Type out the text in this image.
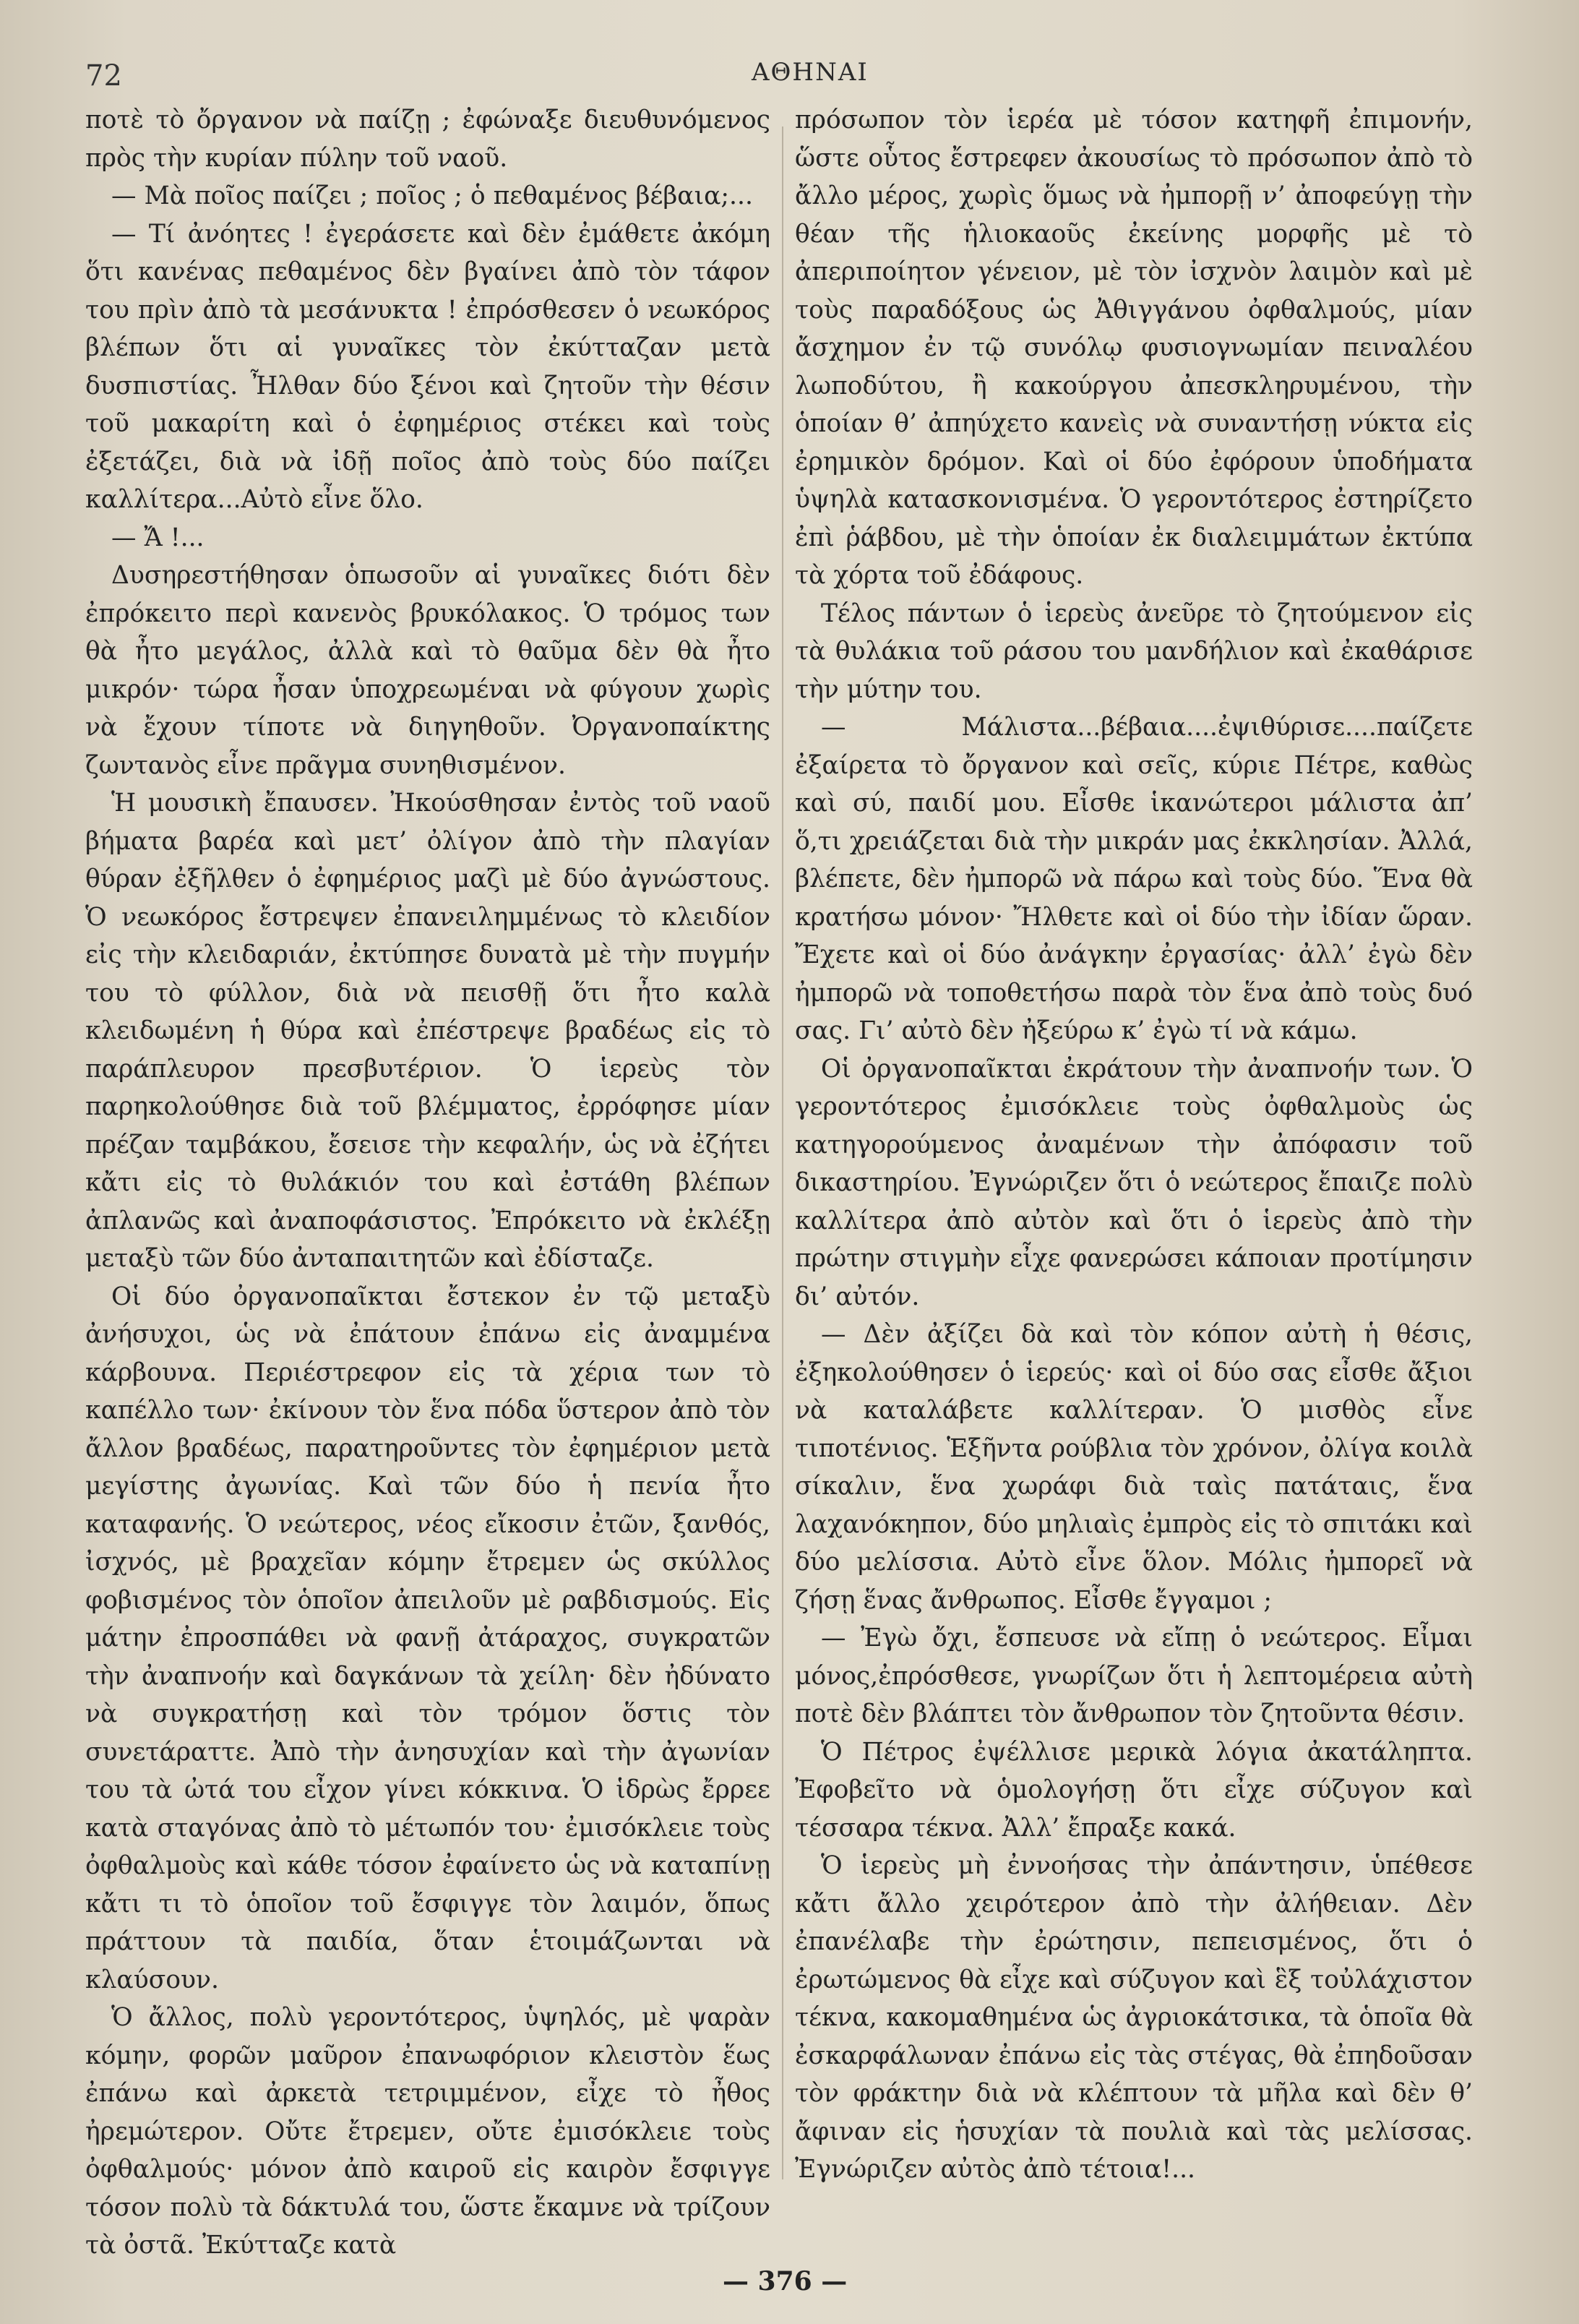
72	ΑΘΗΝΑΙ

ποτὲ τὸ ὄργανον νὰ παίζῃ ; ἐφώναξε διευθυνόμενος πρὸς τὴν κυρίαν πύλην τοῦ ναοῦ.

— Μὰ ποῖος παίζει ; ποῖος ; ὁ πεθαμένος βέβαια;...

— Τί ἀνόητες ! ἐγεράσετε καὶ δὲν ἐμάθετε ἀκόμη ὅτι κανένας πεθαμένος δὲν βγαίνει ἀπὸ τὸν τάφον του πρὶν ἀπὸ τὰ μεσάνυκτα ! ἐπρόσθεσεν ὁ νεωκόρος βλέπων ὅτι αἱ γυναῖκες τὸν ἐκύτταζαν μετὰ δυσπιστίας. Ἦλθαν δύο ξένοι καὶ ζητοῦν τὴν θέσιν τοῦ μακαρίτη καὶ ὁ ἐφημέριος στέκει καὶ τοὺς ἐξετάζει, διὰ νὰ ἰδῇ ποῖος ἀπὸ τοὺς δύο παίζει καλλίτερα...Αὐτὸ εἶνε ὅλο.

— Ἄ !...

Δυσηρεστήθησαν ὁπωσοῦν αἱ γυναῖκες διότι δὲν ἐπρόκειτο περὶ κανενὸς βρυκόλακος. Ὁ τρόμος των θὰ ἦτο μεγάλος, ἀλλὰ καὶ τὸ θαῦμα δὲν θὰ ἦτο μικρόν· τώρα ἦσαν ὑποχρεωμέναι νὰ φύγουν χωρὶς νὰ ἔχουν τίποτε νὰ διηγηθοῦν. Ὀργανοπαίκτης ζωντανὸς εἶνε πρᾶγμα συνηθισμένον.

Ἡ μουσικὴ ἔπαυσεν. Ἠκούσθησαν ἐντὸς τοῦ ναοῦ βήματα βαρέα καὶ μετ’ ὀλίγον ἀπὸ τὴν πλαγίαν θύραν ἐξῆλθεν ὁ ἐφημέριος μαζὶ μὲ δύο ἀγνώστους. Ὁ νεωκόρος ἔστρεψεν ἐπανειλημμένως τὸ κλειδίον εἰς τὴν κλειδαριάν, ἐκτύπησε δυνατὰ μὲ τὴν πυγμήν του τὸ φύλλον, διὰ νὰ πεισθῇ ὅτι ἦτο καλὰ κλειδωμένη ἡ θύρα καὶ ἐπέστρεψε βραδέως εἰς τὸ παράπλευρον πρεσβυτέριον. Ὁ ἱερεὺς τὸν παρηκολούθησε διὰ τοῦ βλέμματος, ἐρρόφησε μίαν πρέζαν ταμβάκου, ἔσεισε τὴν κεφαλήν, ὡς νὰ ἐζήτει κἄτι εἰς τὸ θυλάκιόν του καὶ ἐστάθη βλέπων ἀπλανῶς καὶ ἀναποφάσιστος. Ἐπρόκειτο νὰ ἐκλέξῃ μεταξὺ τῶν δύο ἀνταπαιτητῶν καὶ ἐδίσταζε.

Οἱ δύο ὀργανοπαῖκται ἔστεκον ἐν τῷ μεταξὺ ἀνήσυχοι, ὡς νὰ ἐπάτουν ἐπάνω εἰς ἀναμμένα κάρβουνα. Περιέστρεφον εἰς τὰ χέρια των τὸ καπέλλο των· ἐκίνουν τὸν ἕνα πόδα ὕστερον ἀπὸ τὸν ἄλλον βραδέως, παρατηροῦντες τὸν ἐφημέριον μετὰ μεγίστης ἀγωνίας. Καὶ τῶν δύο ἡ πενία ἦτο καταφανής. Ὁ νεώτερος, νέος εἴκοσιν ἐτῶν, ξανθός, ἰσχνός, μὲ βραχεῖαν κόμην ἔτρεμεν ὡς σκύλλος φοβισμένος τὸν ὁποῖον ἀπειλοῦν μὲ ραβδισμούς. Εἰς μάτην ἐπροσπάθει νὰ φανῇ ἀτάραχος, συγκρατῶν τὴν ἀναπνοήν καὶ δαγκάνων τὰ χείλη· δὲν ἠδύνατο νὰ συγκρατήσῃ καὶ τὸν τρόμον ὅστις τὸν συνετάραττε. Ἀπὸ τὴν ἀνησυχίαν καὶ τὴν ἀγωνίαν του τὰ ὠτά του εἶχον γίνει κόκκινα. Ὁ ἱδρὼς ἔρρεε κατὰ σταγόνας ἀπὸ τὸ μέτωπόν του· ἐμισόκλειε τοὺς ὀφθαλμοὺς καὶ κάθε τόσον ἐφαίνετο ὡς νὰ καταπίνῃ κἄτι τι τὸ ὁποῖον τοῦ ἔσφιγγε τὸν λαιμόν, ὅπως πράττουν τὰ παιδία, ὅταν ἑτοιμάζωνται νὰ κλαύσουν.

Ὁ ἄλλος, πολὺ γεροντότερος, ὑψηλός, μὲ ψαρὰν κόμην, φορῶν μαῦρον ἐπανωφόριον κλειστὸν ἕως ἐπάνω καὶ ἀρκετὰ τετριμμένον, εἶχε τὸ ἦθος ἠρεμώτερον. Οὔτε ἔτρεμεν, οὔτε ἐμισόκλειε τοὺς ὀφθαλμούς· μόνον ἀπὸ καιροῦ εἰς καιρὸν ἔσφιγγε τόσον πολὺ τὰ δάκτυλά του, ὥστε ἔκαμνε νὰ τρίζουν τὰ ὀστᾶ. Ἐκύτταζε κατὰ

πρόσωπον τὸν ἱερέα μὲ τόσον κατηφῆ ἐπιμονήν, ὥστε οὗτος ἔστρεφεν ἀκουσίως τὸ πρόσωπον ἀπὸ τὸ ἄλλο μέρος, χωρὶς ὅμως νὰ ἠμπορῇ ν’ ἀποφεύγῃ τὴν θέαν τῆς ἡλιοκαοῦς ἐκείνης μορφῆς μὲ τὸ ἀπεριποίητον γένειον, μὲ τὸν ἰσχνὸν λαιμὸν καὶ μὲ τοὺς παραδόξους ὡς Ἀθιγγάνου ὀφθαλμούς, μίαν ἄσχημον ἐν τῷ συνόλῳ φυσιογνωμίαν πειναλέου λωποδύτου, ἢ κακούργου ἀπεσκληρυμένου, τὴν ὁποίαν θ’ ἀπηύχετο κανεὶς νὰ συναντήσῃ νύκτα εἰς ἐρημικὸν δρόμον. Καὶ οἱ δύο ἐφόρουν ὑποδήματα ὑψηλὰ κατασκονισμένα. Ὁ γεροντότερος ἐστηρίζετο ἐπὶ ῥάβδου, μὲ τὴν ὁποίαν ἐκ διαλειμμάτων ἐκτύπα τὰ χόρτα τοῦ ἐδάφους.

Τέλος πάντων ὁ ἱερεὺς ἀνεῦρε τὸ ζητούμενον εἰς τὰ θυλάκια τοῦ ράσου του μανδήλιον καὶ ἐκαθάρισε τὴν μύτην του.

— Μάλιστα...βέβαια....ἐψιθύρισε....παίζετε ἐξαίρετα τὸ ὄργανον καὶ σεῖς, κύριε Πέτρε, καθὼς καὶ σύ, παιδί μου. Εἶσθε ἱκανώτεροι μάλιστα ἀπ’ ὅ,τι χρειάζεται διὰ τὴν μικράν μας ἐκκλησίαν. Ἀλλά, βλέπετε, δὲν ἠμπορῶ νὰ πάρω καὶ τοὺς δύο. Ἕνα θὰ κρατήσω μόνον· Ἤλθετε καὶ οἱ δύο τὴν ἰδίαν ὥραν. Ἔχετε καὶ οἱ δύο ἀνάγκην ἐργασίας· ἀλλ’ ἐγὼ δὲν ἠμπορῶ νὰ τοποθετήσω παρὰ τὸν ἕνα ἀπὸ τοὺς δυό σας. Γι’ αὐτὸ δὲν ἠξεύρω κ’ ἐγὼ τί νὰ κάμω.

Οἱ ὀργανοπαῖκται ἐκράτουν τὴν ἀναπνοήν των. Ὁ γεροντότερος ἐμισόκλειε τοὺς ὀφθαλμοὺς ὡς κατηγορούμενος ἀναμένων τὴν ἀπόφασιν τοῦ δικαστηρίου. Ἐγνώριζεν ὅτι ὁ νεώτερος ἔπαιζε πολὺ καλλίτερα ἀπὸ αὐτὸν καὶ ὅτι ὁ ἱερεὺς ἀπὸ τὴν πρώτην στιγμὴν εἶχε φανερώσει κάποιαν προτίμησιν δι’ αὐτόν.

— Δὲν ἀξίζει δὰ καὶ τὸν κόπον αὐτὴ ἡ θέσις, ἐξηκολούθησεν ὁ ἱερεύς· καὶ οἱ δύο σας εἶσθε ἄξιοι νὰ καταλάβετε καλλίτεραν. Ὁ μισθὸς εἶνε τιποτένιος. Ἑξῆντα ρούβλια τὸν χρόνον, ὀλίγα κοιλὰ σίκαλιν, ἕνα χωράφι διὰ ταὶς πατάταις, ἕνα λαχανόκηπον, δύο μηλιαὶς ἐμπρὸς εἰς τὸ σπιτάκι καὶ δύο μελίσσια. Αὐτὸ εἶνε ὅλον. Μόλις ἠμπορεῖ νὰ ζήσῃ ἕνας ἄνθρωπος. Εἶσθε ἔγγαμοι ;

— Ἐγὼ ὄχι, ἔσπευσε νὰ εἴπῃ ὁ νεώτερος. Εἶμαι μόνος,ἐπρόσθεσε, γνωρίζων ὅτι ἡ λεπτομέρεια αὐτὴ ποτὲ δὲν βλάπτει τὸν ἄνθρωπον τὸν ζητοῦντα θέσιν.

Ὁ Πέτρος ἐψέλλισε μερικὰ λόγια ἀκατάληπτα. Ἐφοβεῖτο νὰ ὁμολογήσῃ ὅτι εἶχε σύζυγον καὶ τέσσαρα τέκνα. Ἀλλ’ ἔπραξε κακά.

Ὁ ἱερεὺς μὴ ἐννοήσας τὴν ἀπάντησιν, ὑπέθεσε κἄτι ἄλλο χειρότερον ἀπὸ τὴν ἀλήθειαν. Δὲν ἐπανέλαβε τὴν ἐρώτησιν, πεπεισμένος, ὅτι ὁ ἐρωτώμενος θὰ εἶχε καὶ σύζυγον καὶ ἓξ τοὐλάχιστον τέκνα, κακομαθημένα ὡς ἀγριοκάτσικα, τὰ ὁποῖα θὰ ἐσκαρφάλωναν ἐπάνω εἰς τὰς στέγας, θὰ ἐπηδοῦσαν τὸν φράκτην διὰ νὰ κλέπτουν τὰ μῆλα καὶ δὲν θ’ ἄφιναν εἰς ἡσυχίαν τὰ πουλιὰ καὶ τὰς μελίσσας. Ἐγνώριζεν αὐτὸς ἀπὸ τέτοια!...

— 376 —
